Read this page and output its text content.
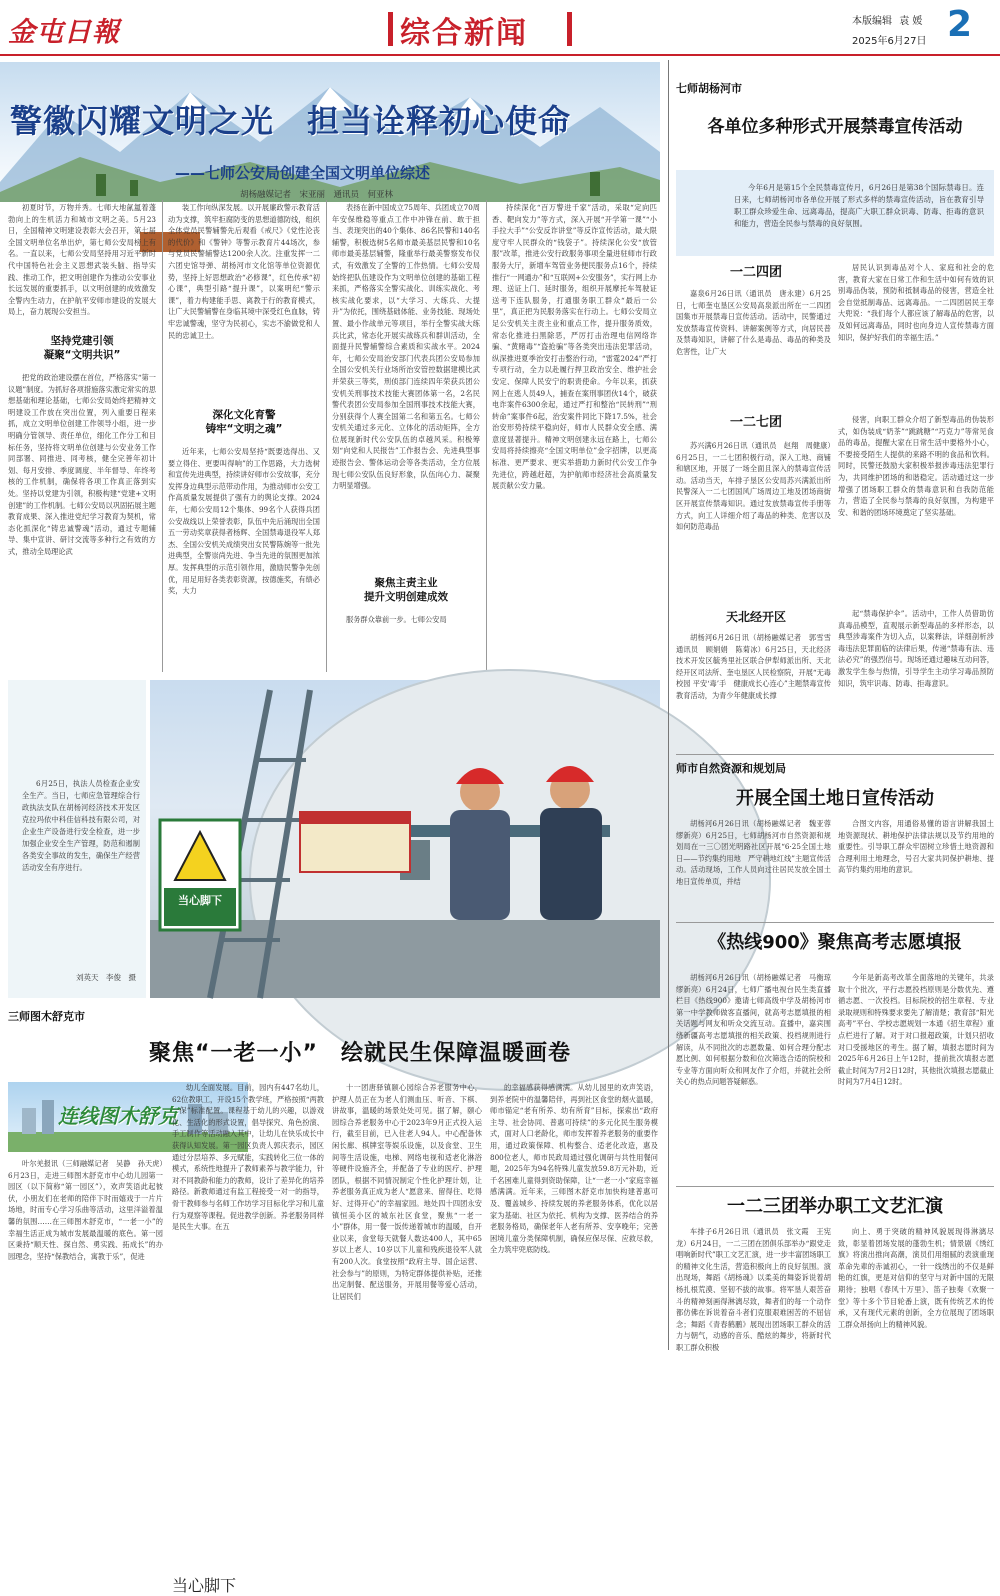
金屯日報	综合新闻	本版编辑 袁 媛
2025年6月27日 2
警徽闪耀文明之光　担当诠释初心使命
——七师公安局创建全国文明单位综述
胡杨融媒记者　宋亚丽　通讯员　何亚林

初夏时节，万物并秀。七师大地氤氲着蓬勃向上的生机活力和城市文明之美。5月23日，全国精神文明建设表彰大会召开，第七届全国文明单位名单出炉，第七师公安局榜上有名。一直以来，七师公安局坚持用习近平新时代中国特色社会主义思想武装头脑、指导实践、推动工作，把文明创建作为推动公安事业长远发展的重要抓手，以文明创建的成效激发全警内生动力，在护航平安师市建设的发展大局上，奋力展现公安担当。

坚持党建引领
凝聚“文明共识”

把党的政治建设摆在首位，严格落实“第一议题”制度。为抓好各项措施落实激定常实的思想基础和理论基础，七师公安局始终把精神文明建设工作放在突出位置，列入重要日程来抓，成立文明单位创建工作领导小组，进一步明确分管领导、责任单位，细化工作分工和目标任务，坚持将文明单位创建与公安业务工作同部署、同推进、同考核，健全完善年初计划、每月安排、季度调度、半年督导、年终考核的工作机制，确保将各项工作真正落到实处。坚持以党建为引领，积极构建“党建+文明创建”的工作机制。七师公安局以巩固拓展主题教育成果、深入推进党纪学习教育为契机，常态化抓深化“铸忠诚警魂”活动，通过专题辅导、集中宣讲、研讨交流等多种行之有效的方式，推动全局理论武

装工作向纵深发展。以开展廉政警示教育活动为支撑，筑牢拒腐防变的思想道德防线，组织全体党员民警辅警先后观看《戒尺》《党性沦丧的代价》和《警钟》等警示教育片44场次，参与党员民警辅警达1200余人次。注重发挥一二六团史馆导弹、胡杨河市文化馆等单位资源优势，坚持上好思想政治“必修课”，红色传承“初心课”，典型引路“提升课”，以案明纪“警示课”，着力构建能手思、离教于行的教育模式，让广大民警辅警在身临其境中深受红色血脉，铸牢忠诚警魂，坚守为民初心，实志不渝做党和人民的忠诚卫士。

深化文化育警
铸牢“文明之魂”

近年来，七师公安局坚持“既要选得出、又要立得住、更要叫得响”的工作思路，大力选树和宣传先进典型，持续讲好师市公安故事，充分发挥身边典型示范带动作用，为推动师市公安工作高质量发展提供了强有力的舆论支撑。2024年，七师公安局12个集体、99名个人获得兵团公安战线以上荣誉表彰，队伍中先后涌现出全国五一劳动奖章获得者杨辉、全国禁毒退役军人郑杰、全国公安机关成绩突出女民警陈婉等一批先进典型，全警崇尚先进、争当先进的氛围更加浓厚。发挥典型的示范引领作用，激励民警争先创优，用足用好各类表彰资源，按德施奖，有绩必奖，大力

表扬在新中国成立75周年、兵团成立70周年安保维稳等重点工作中冲锋在前、敢于担当、表现突出的40个集体、86名民警和140名辅警，积极选树5名师市最美基层民警和10名师市最美基层辅警，隆重举行最美警察发布仪式，有效激发了全警的工作热情。七师公安局始终把队伍建设作为文明单位创建的基础工程来抓，严格落实全警实战化、训练实战化、考核实战化要求，以“大学习、大练兵、大提升”为依托，围绕基础体能、业务技能、现场处置、最小作战单元等项目，举行全警实战大练兵比武，常态化开展实战练兵和群训活动，全面提升民警辅警综合素质和实战水平。2024年，七师公安局治安部门代表兵团公安局参加全国公安机关行业场所治安管控数据建模比武并荣获三等奖，刑侦部门连续四年荣获兵团公安机关刑事技术技能大赛团体第一名，2名民警代表团公安局参加全国刑事技术技能大赛，分别获得个人赛全国第二名和第五名。七师公安机关通过多元化、立体化的活动矩阵，全方位展现新时代公安队伍的卓越风采。积极筹划“向党和人民报告”工作报告会、先进典型事迹报告会、警体运动会等各类活动，全方位展现七师公安队伍良好形象，队伍向心力、凝聚力明显增强。

聚焦主责主业
提升文明创建成效

服务群众靠前一步。七师公安局

持续深化“百万警进千家”活动，采取“定向匹香、靶向发力”等方式，深入开展“开学第一课”“小手拉大手”“公安反诈讲堂”等反诈宣传活动，最大限度守牢人民群众的“钱袋子”。持续深化公安“放管服”改革，推进公安行政服务事项全量进驻师市行政服务大厅，新增车驾管业务便民服务点16个，持续推行“一网通办”和“互联网+公安服务”，实行网上办理、送证上门、延时服务，组织开展摩托车驾驶证送考下连队服务，打通服务职工群众“最后一公里”，真正把为民服务落实在行动上。七师公安局立足公安机关主责主业和重点工作，提升服务质效，常态化推进扫黑除恶，严厉打击治理电信网络诈骗、“黄赌毒”“盗抢骗”等各类突出违法犯罪活动，纵深推进夏季治安打击整治行动，“雷霆2024”严打专项行动，全力以赴履行捍卫政治安全、维护社会安定、保障人民安宁的职责使命。今年以来，抓获网上在逃人员49人，捕查在案刑事团伙14个，破获电诈案件6300余起，通过严打和整治“民转刑”“刑转命”案事件6起，治安案件同比下降17.5%，社会治安形势持续平稳向好，师市人民群众安全感、满意度显著提升。精神文明创建永远在路上，七师公安局将持续擦亮“全国文明单位”金字招牌，以更高标准、更严要求、更实举措助力新时代公安工作争先进位，跨越赶超，为护航师市经济社会高质量发展贡献公安力量。

6月25日，执法人员检查企业安全生产。当日，七师应急管理综合行政执法支队在胡杨河经济技术开发区克拉玛依中科佳信科技有限公司，对企业生产设备进行安全检查，进一步加强企业安全生产管理，防范和遏制各类安全事故的发生，确保生产经营活动安全有序进行。
刘英天　李俊　摄
当心脚下
当心脚下
三师图木舒克市
聚焦“一老一小”　绘就民生保障温暖画卷
连线图木舒克

叶尔羌报讯（三师融媒记者　吴静　孙天虎）6月23日，走进三师图木舒克市中心幼儿园第一园区（以下简称“第一园区”），欢声笑语此起彼伏，小朋友们在老师的陪伴下时而嬉戏于一片片场地，时而专心学习乐曲等活动，这里洋溢着温馨的氛围……在三师图木舒克市，“一老一小”的幸福生活正成为城市发展最温暖的底色。第一园区秉持“顺天性、探自然、勇实践、拓成长”的办园理念，坚持“保教结合，寓教于乐”，促进

幼儿全面发展。目前，园内有447名幼儿，62位教职工，开设15个教学班，严格按照“两教一保”标准配置。课程基于幼儿的兴趣，以游戏化、生活化的形式设置，倡导探究、角色扮演、手工制作等活动融入其中，让幼儿在快乐成长中获得认知发展。第一园区负责人郭庆表示，园区通过分层培养、多元赋能，实践转化三位一体的模式，系统性地提升了教师素养与教学能力，针对不同教龄和能力的教师，设计了差异化的培养路径。新教师通过有监工程接受一对一的指导，骨干教师参与名师工作坊学习目标化学习和儿童行为观察等课程。促进教学创新。养老服务同样是民生大事。在五

十一团唐驿镇颐心园综合养老服务中心，护理人员正在为老人们测血压、听音、下棋、讲故事，温暖的场景处处可见。据了解，颐心园综合养老服务中心于2023年9月正式投入运行，截至目前，已入住老人94人。中心配备休闲长廊、棋牌室等娱乐设施，以及食堂、卫生间等生活设施，电梯、网络电视和适老化淋浴等硬件设施齐全，并配备了专业的医疗、护理团队，根据不同情况制定个性化护理计划，让养老服务真正成为老人“愿意来、留得住、吃得好、过得开心”的幸福家园。地处四十四团永安镇恒美小区的城东社区食堂，聚焦“一老一小”群体，用一餐一饭传递着城市的温暖，自开业以来，食堂每天就餐人数达400人，其中65岁以上老人、10岁以下儿童和残疾退役军人就有200人次。食堂按照“政府主导、国企运营、社会参与”的原则，为特定群体提供补贴，还推出定制餐、配送服务，开展用餐等爱心活动，让居民们

的幸福感获得感满满。从幼儿园里的欢声笑语，到养老院中的温馨陪伴，再到社区食堂的烟火温暖，师市锚定“老有所养、幼有所育”目标，探索出“政府主导、社会协同、普惠可持续”的多元化民生服务模式，面对人口老龄化，师市发挥着养老服务的重要作用，通过政策保障、机构整合、适老化改造，惠及800位老人，师市民政局通过强化调研与共性用餐问题，2025年为94名特殊儿童发放59.8万元补助，近千名困难儿童得到资助保障，让“一老一小”家庭幸福感满满。近年来，三师图木舒克市加快构建普惠可及、覆盖城乡、持续发展的养老服务体系，优化以居家为基础、社区为依托、机构为支撑、医养结合的养老服务格局，确保老年人老有所养、安享晚年；完善困境儿童分类保障机制，确保应保尽保、应救尽救，全力筑牢兜底防线。

七师胡杨河市
各单位多种形式开展禁毒宣传活动
今年6月是第15个全民禁毒宣传月，6月26日是第38个国际禁毒日。连日来，七师胡杨河市各单位开展了形式多样的禁毒宣传活动，旨在教育引导职工群众珍爱生命、远离毒品，提高广大职工群众识毒、防毒、拒毒的意识和能力，营造全民参与禁毒的良好氛围。
一二四团

嘉泉6月26日讯（通讯员　唐永建）6月25日，七师奎屯垦区公安局高泉派出所在一二四团国集市开展禁毒日宣传活动。活动中，民警通过发放禁毒宣传资料、讲解案例等方式，向居民普及禁毒知识，讲解了什么是毒品、毒品的种类及危害性，让广大

居民认识到毒品对个人、家庭和社会的危害，教育大家在日常工作和生活中如何有效的识别毒品伪装，预防和抵制毒品的侵害，营造全社会自觉抵制毒品、远离毒品。一二四团居民王奉大兜说：“我们每个人都应该了解毒品的危害，以及如何远离毒品，同时也向身边人宣传禁毒方面知识，保护好我们的幸福生活。”

一二七团

苏兴满6月26日讯（通讯员　赵翔　周健康）6月25日，一二七团积极行动，深入工地、商铺和辖区地，开展了一场全面且深入的禁毒宣传活动。活动当天，车排子垦区公安局苏兴满派出所民警深入一二七团国风广场周边工地及团场商街区开展宣传禁毒知识。通过发放禁毒宣传手册等方式，向工人详细介绍了毒品的种类、危害以及如何防范毒品

侵害，向职工群众介绍了新型毒品的伪装形式，如伪装成“奶茶”“跳跳糖”“巧克力”等常见食品的毒品，提醒大家在日常生活中要格外小心，不要接受陌生人提供的来路不明的食品和饮料。同时，民警还鼓励大家积极举报涉毒违法犯罪行为，共同维护团场的和谐稳定。活动通过这一步增强了团场职工群众的禁毒意识和自我防范能力，营造了全民参与禁毒的良好氛围，为构建平安、和谐的团场环境奠定了坚实基础。

天北经开区

胡杨河6月26日讯（胡杨融媒记者　郭雪雪　通讯员　顾娟娟　陈菊冰）6月25日，天北经济技术开发区毓秀里社区联合伊犁师派出所、天北经开区司法所、奎屯垦区人民检察院，开展“无毒校园 平安‘毒’手　健康成长心连心”主题禁毒宣传教育活动，为青少年健康成长撑

起“禁毒保护伞”。活动中，工作人员借助仿真毒品模型，直观展示新型毒品的多样形态，以典型涉毒案件为切入点，以案释法，详细剖析涉毒违法犯罪面临的法律后果，传递“禁毒有法、违法必究”的强烈信号。现场还通过趣味互动问答，激发学生参与热情，引导学生主动学习毒品预防知识，筑牢识毒、防毒、拒毒意识。

师市自然资源和规划局
开展全国土地日宣传活动

胡杨河6月26日讯（胡杨融媒记者　魏亚蓉　缪新亮）6月25日，七师胡杨河市自然资源和规划局在一三〇团光明路社区开展“6·25全国土地日——节约集约用地　严守耕地红线”主题宣传活动。活动现场，工作人员向过往居民发放全国土地日宣传单页，并结

合图文内容，用通俗易懂的语言讲解我国土地资源现状、耕地保护法律法规以及节约用地的重要性。引导职工群众牢固树立珍惜土地资源和合理利用土地理念，号召大家共同保护耕地、提高节约集约用地的意识。

《热线900》聚焦高考志愿填报

胡杨河6月26日讯（胡杨融媒记者　马衡琼　缪新亮）6月24日，七师广播电视台民生类直播栏目《热线900》邀请七师高级中学及胡杨河市第一中学教师做客直播间，就高考志愿填报的相关话题与网友和听众交流互动。直播中，嘉宾围绕新疆高考志愿填报的相关政策、投档规则进行解读，从不同批次的志愿数量、如何合理分配志愿比例、如何根据分数和位次筛选合适的院校和专业等方面向听众和网友作了介绍，并就社会所关心的热点问题答疑解惑。

今年是新高考改革全面落地的关键年，共录取十个批次，平行志愿投档原则是分数优先、遵循志愿、一次投档。目标院校的招生章程、专业录取规则和特殊要求要先了解清楚；教育部“阳光高考”平台、学校志愿规划一本通《招生章程》重点栏进行了解。对于对口报超政策，计划只招收对口受援地区的考生。据了解，填报志愿时间为2025年6月26日上午12时，提前批次填报志愿截止时间为7月2日12时，其他批次填报志愿截止时间为7月4日12时。

一二三团举办职工文艺汇演

车排子6月26日讯（通讯员　张文霞　王宪龙）6月24日，一二三团在团俱乐部举办“跟党走 唱响新时代”职工文艺汇演，进一步丰富团场职工的精神文化生活，营造积极向上的良好氛围。演出现场，舞蹈《胡杨魂》以柔美的舞姿诉说着胡杨扎根荒漠、坚韧不拔的故事。将军垦人艰苦奋斗的精神刻画得淋漓尽致，舞者们的每一个动作都仿佛在诉说着奋斗者们克服艰难困苦的不屈信念；舞蹈《青春鹤鹏》展现出团场职工群众的活力与朝气，动感的音乐、酷炫的舞步，将新时代职工群众积极

向上、勇于突破的精神风貌展现得淋漓尽致，彰显着团场发展的蓬勃生机；情景剧《绣红旗》将演出推向高潮，演员们用细腻的表演重现革命先辈的赤诚初心，一针一线绣出的不仅是鲜艳的红旗，更是对信仰的坚守与对新中国的无限期待；独唱《春风十万里》、笛子独奏《欢聚一堂》等十多个节目轮番上演，既有传统艺术的传承，又有现代元素的创新，全方位展现了团场职工群众昂扬向上的精神风貌。
